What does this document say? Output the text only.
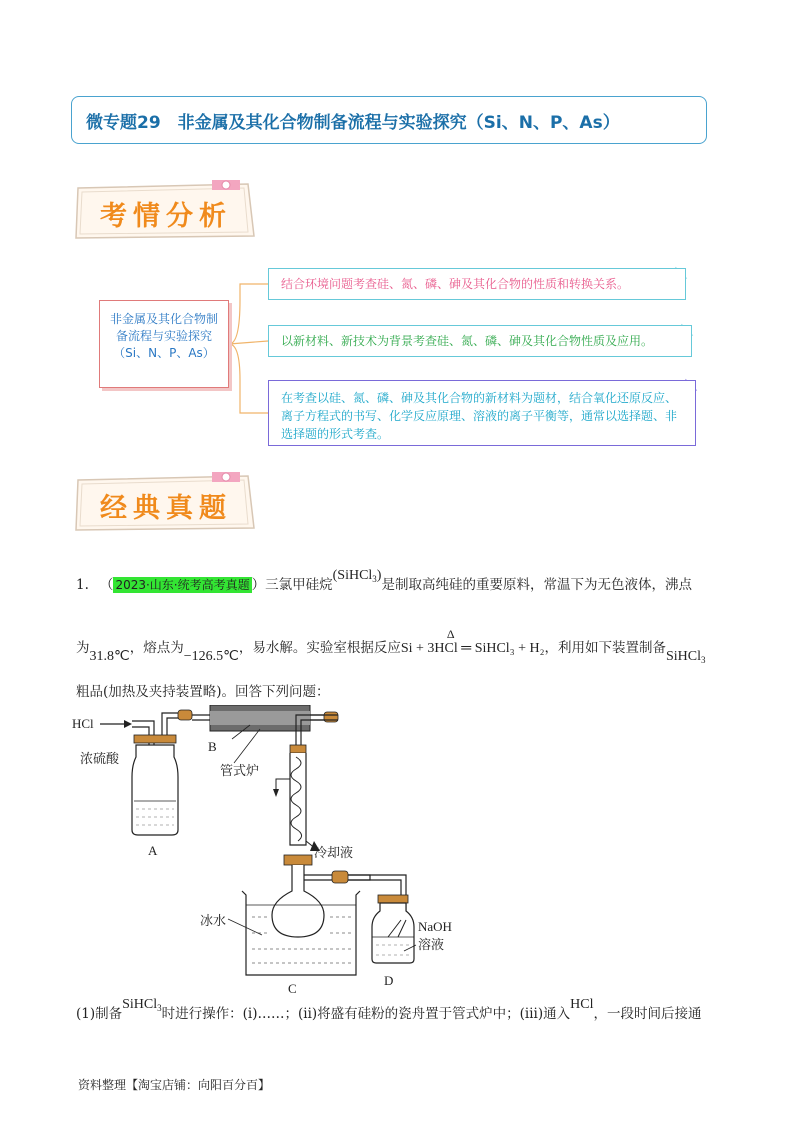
微专题29　非金属及其化合物制备流程与实验探究（Si、N、P、As）
考情分析
非金属及其化合物制备流程与实验探究（Si、N、P、As）
结合环境问题考查硅、氮、磷、砷及其化合物的性质和转换关系。
以新材料、新技术为背景考查硅、氮、磷、砷及其化合物性质及应用。
在考查以硅、氮、磷、砷及其化合物的新材料为题材，结合氧化还原反应、离子方程式的书写、化学反应原理、溶液的离子平衡等，通常以选择题、非选择题的形式考查。
经典真题
1. 　（ 2023·山东·统考高考真题 ）三氯甲硅烷(SiHCl$_3$)是制取高纯硅的重要原料，常温下为无色液体，沸点
为31.8℃，熔点为−126.5℃，易水解。实验室根据反应
Δ
Si + 3HCl ═ SiHCl₃ + H₂，利用如下装置制备SiHCl$_3$
粗品(加热及夹持装置略)。回答下列问题：
HCl
浓硫酸
A
B
管式炉
冷却液
冰水
C
NaOH
溶液
D
(1)制备SiHCl$_3$时进行操作：(ⅰ)……；(ⅱ)将盛有硅粉的瓷舟置于管式炉中；(ⅲ)通入HCl，一段时间后接通
资料整理【淘宝店铺：向阳百分百】
